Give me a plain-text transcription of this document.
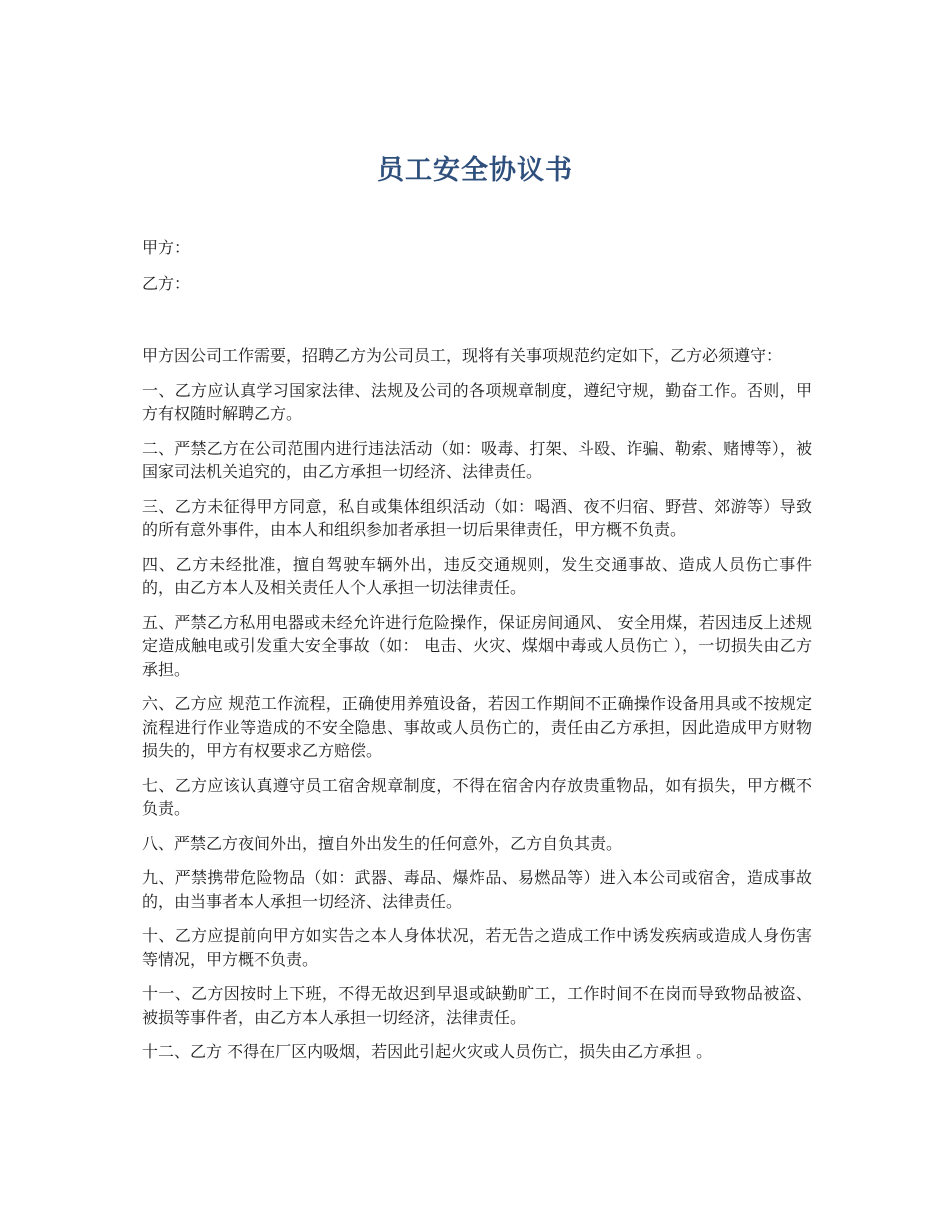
员工安全协议书

甲方：

乙方：

甲方因公司工作需要，招聘乙方为公司员工，现将有关事项规范约定如下，乙方必须遵守：

一、乙方应认真学习国家法律、法规及公司的各项规章制度，遵纪守规，勤奋工作。否则，甲方有权随时解聘乙方。

二、严禁乙方在公司范围内进行违法活动（如：吸毒、打架、斗殴、诈骗、勒索、赌博等），被国家司法机关追究的，由乙方承担一切经济、法律责任。

三、乙方未征得甲方同意，私自或集体组织活动（如：喝酒、夜不归宿、野营、郊游等）导致的所有意外事件，由本人和组织参加者承担一切后果律责任，甲方概不负责。

四、乙方未经批准，擅自驾驶车辆外出，违反交通规则，发生交通事故、造成人员伤亡事件的，由乙方本人及相关责任人个人承担一切法律责任。

五、严禁乙方私用电器或未经允许进行危险操作，保证房间通风、 安全用煤，若因违反上述规定造成触电或引发重大安全事故（如： 电击、火灾、煤烟中毒或人员伤亡 ），一切损失由乙方承担。

六、乙方应 规范工作流程，正确使用养殖设备，若因工作期间不正确操作设备用具或不按规定流程进行作业等造成的不安全隐患、事故或人员伤亡的，责任由乙方承担，因此造成甲方财物损失的，甲方有权要求乙方赔偿。

七、乙方应该认真遵守员工宿舍规章制度，不得在宿舍内存放贵重物品，如有损失，甲方概不负责。

八、严禁乙方夜间外出，擅自外出发生的任何意外，乙方自负其责。

九、严禁携带危险物品（如：武器、毒品、爆炸品、易燃品等）进入本公司或宿舍，造成事故的，由当事者本人承担一切经济、法律责任。

十、乙方应提前向甲方如实告之本人身体状况，若无告之造成工作中诱发疾病或造成人身伤害等情况，甲方概不负责。

十一、乙方因按时上下班，不得无故迟到早退或缺勤旷工，工作时间不在岗而导致物品被盗、被损等事件者，由乙方本人承担一切经济，法律责任。

十二、乙方 不得在厂区内吸烟，若因此引起火灾或人员伤亡，损失由乙方承担 。
